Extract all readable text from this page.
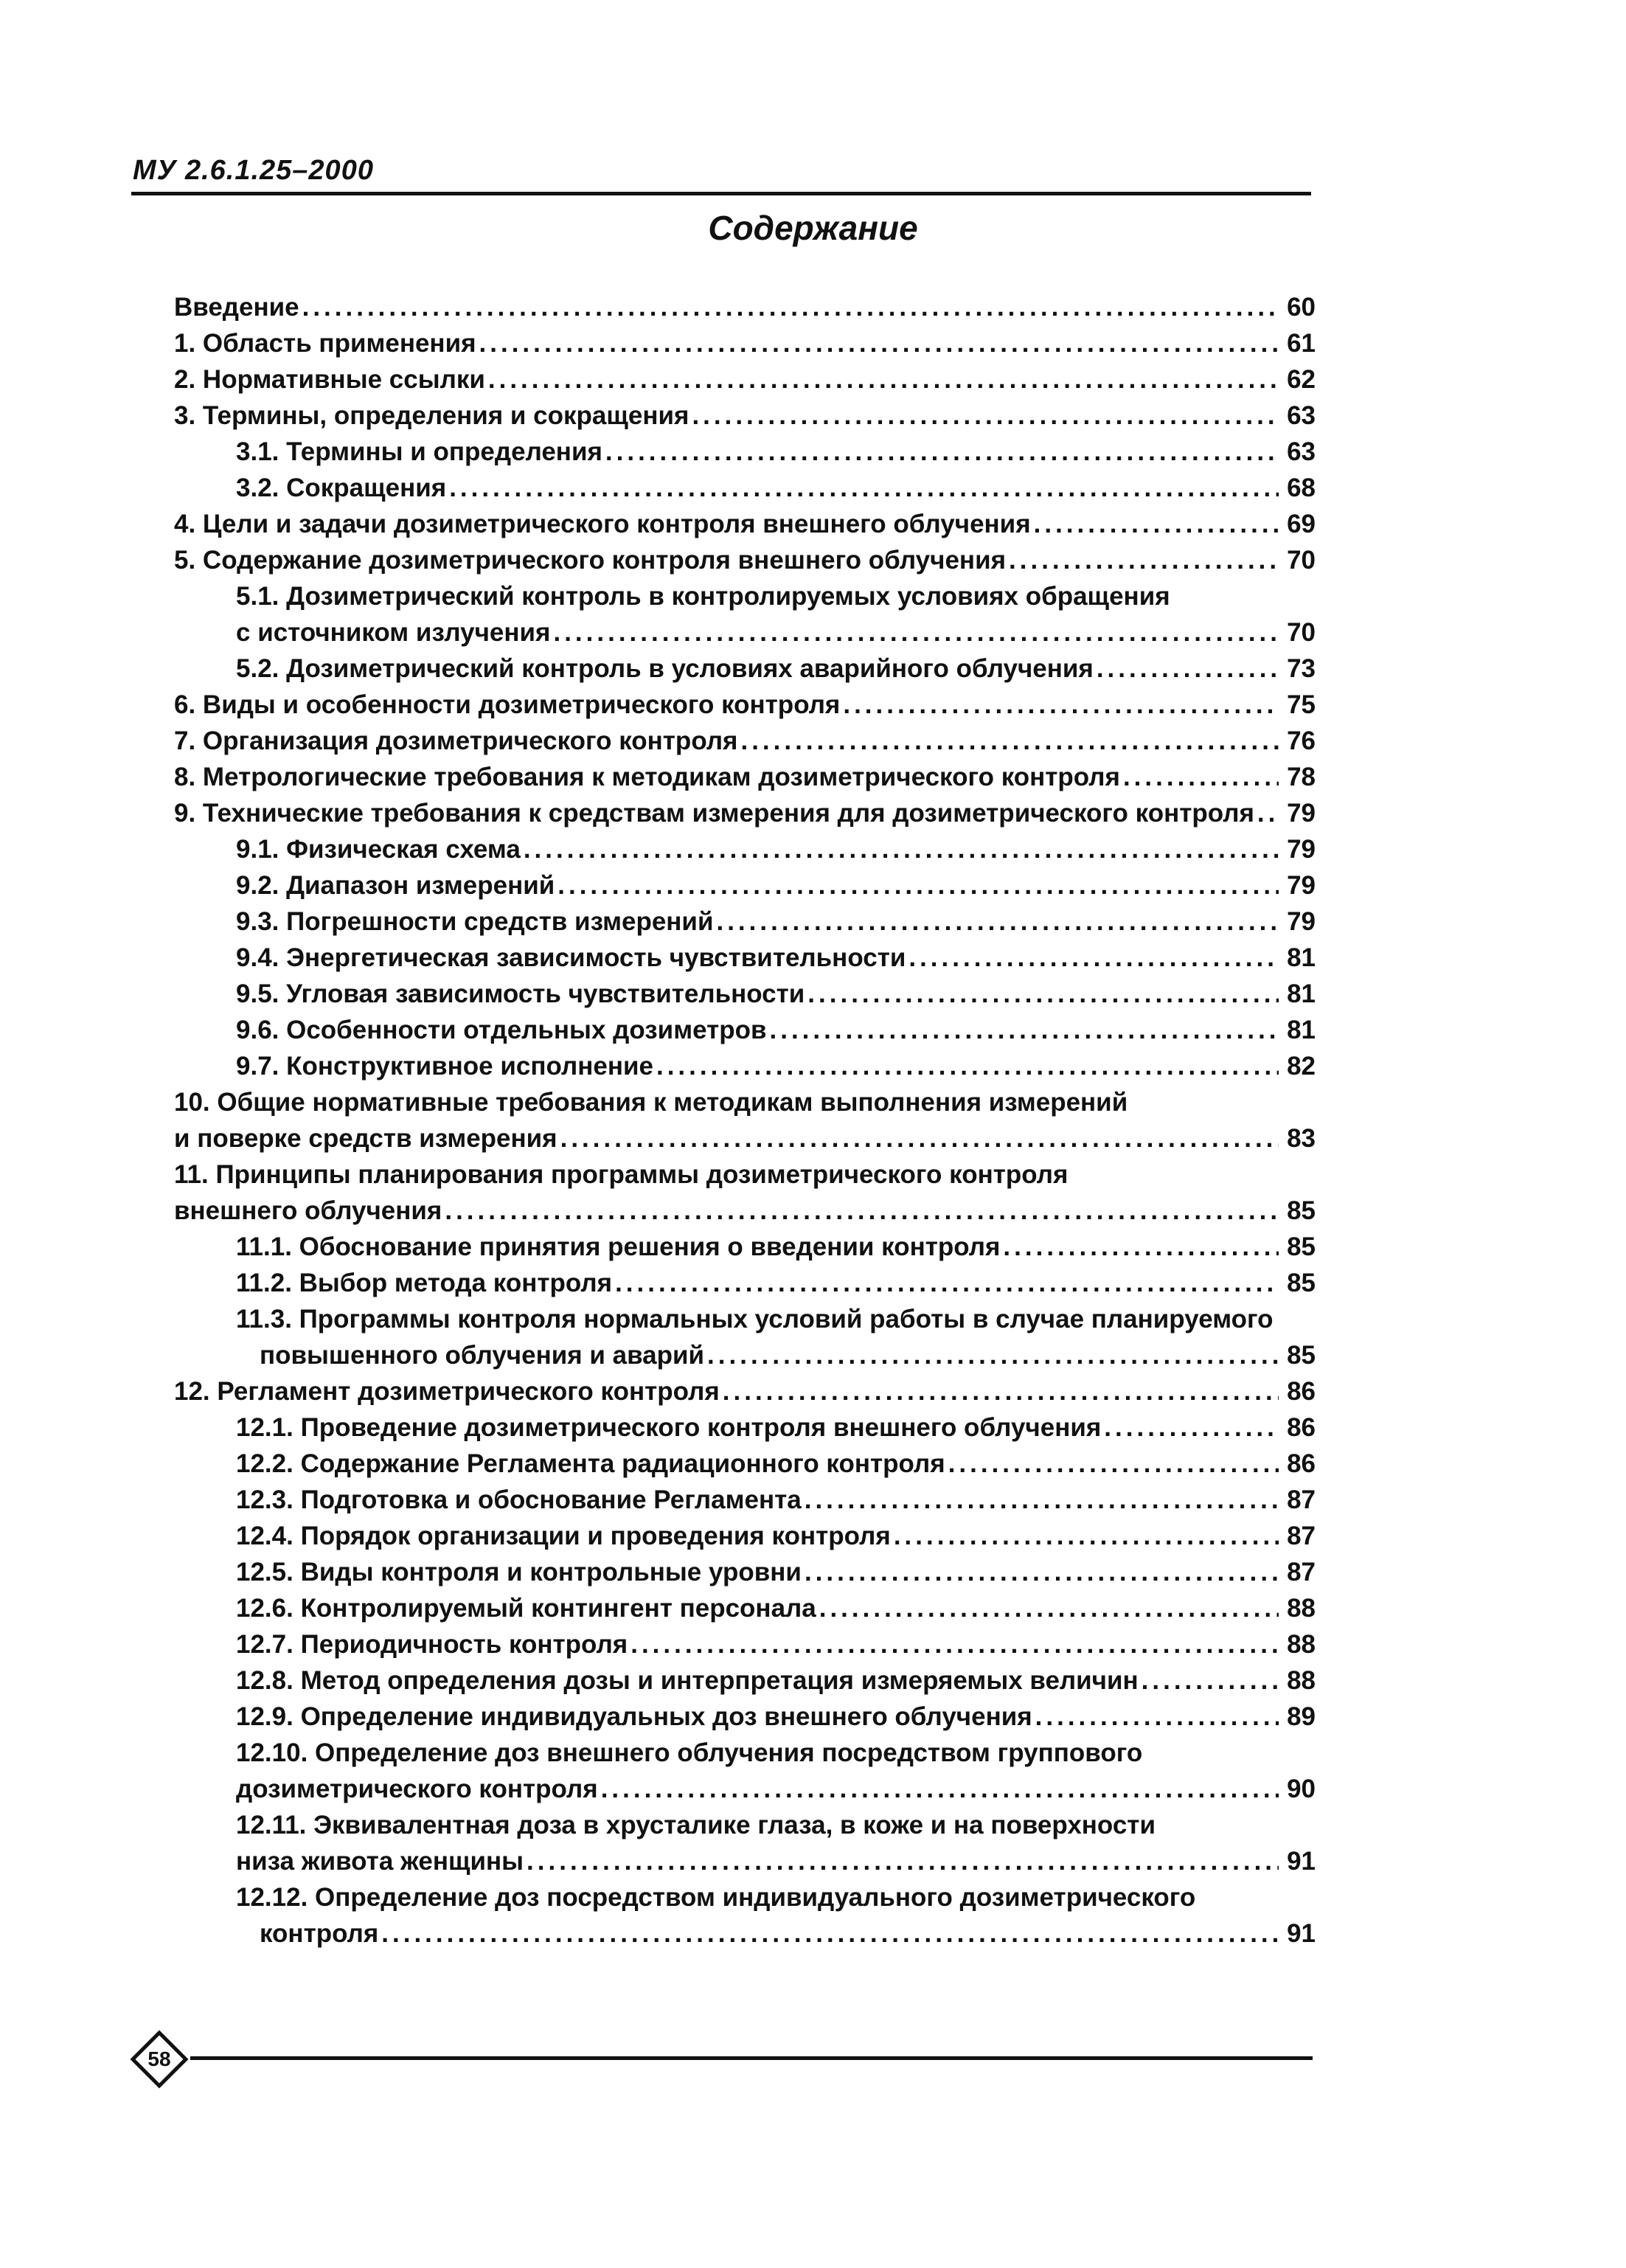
МУ 2.6.1.25–2000
Содержание
Введение .....	60
1. Область применения .....	61
2. Нормативные ссылки .....	62
3. Термины, определения и сокращения .....	63
3.1. Термины и определения .....	63
3.2. Сокращения .....	68
4. Цели и задачи дозиметрического контроля внешнего облучения .....	69
5. Содержание дозиметрического контроля внешнего облучения .....	70
5.1. Дозиметрический контроль в контролируемых условиях обращения
с источником излучения .....	70
5.2. Дозиметрический контроль в условиях аварийного облучения .....	73
6. Виды и особенности дозиметрического контроля .....	75
7. Организация дозиметрического контроля .....	76
8. Метрологические требования к методикам дозиметрического контроля .....	78
9. Технические требования к средствам измерения для дозиметрического контроля ..... 79
9.1. Физическая схема .....	79
9.2. Диапазон измерений .....	79
9.3. Погрешности средств измерений .....	79
9.4. Энергетическая зависимость чувствительности .....	81
9.5. Угловая зависимость чувствительности .....	81
9.6. Особенности отдельных дозиметров .....	81
9.7. Конструктивное исполнение .....	82
10. Общие нормативные требования к методикам выполнения измерений
и поверке средств измерения .....	83
11. Принципы планирования программы дозиметрического контроля
внешнего облучения .....	85
11.1. Обоснование принятия решения о введении контроля .....	85
11.2. Выбор метода контроля .....	85
11.3. Программы контроля нормальных условий работы в случае планируемого
повышенного облучения и аварий .....	85
12. Регламент дозиметрического контроля .....	86
12.1. Проведение дозиметрического контроля внешнего облучения .....	86
12.2. Содержание Регламента радиационного контроля .....	86
12.3. Подготовка и обоснование Регламента .....	87
12.4. Порядок организации и проведения контроля .....	87
12.5. Виды контроля и контрольные уровни .....	87
12.6. Контролируемый контингент персонала .....	88
12.7. Периодичность контроля .....	88
12.8. Метод определения дозы и интерпретация измеряемых величин .....	88
12.9. Определение индивидуальных доз внешнего облучения .....	89
12.10. Определение доз внешнего облучения посредством группового
дозиметрического контроля .....	90
12.11. Эквивалентная доза в хрусталике глаза, в коже и на поверхности
низа живота женщины .....	91
12.12. Определение доз посредством индивидуального дозиметрического
контроля .....	91
58
